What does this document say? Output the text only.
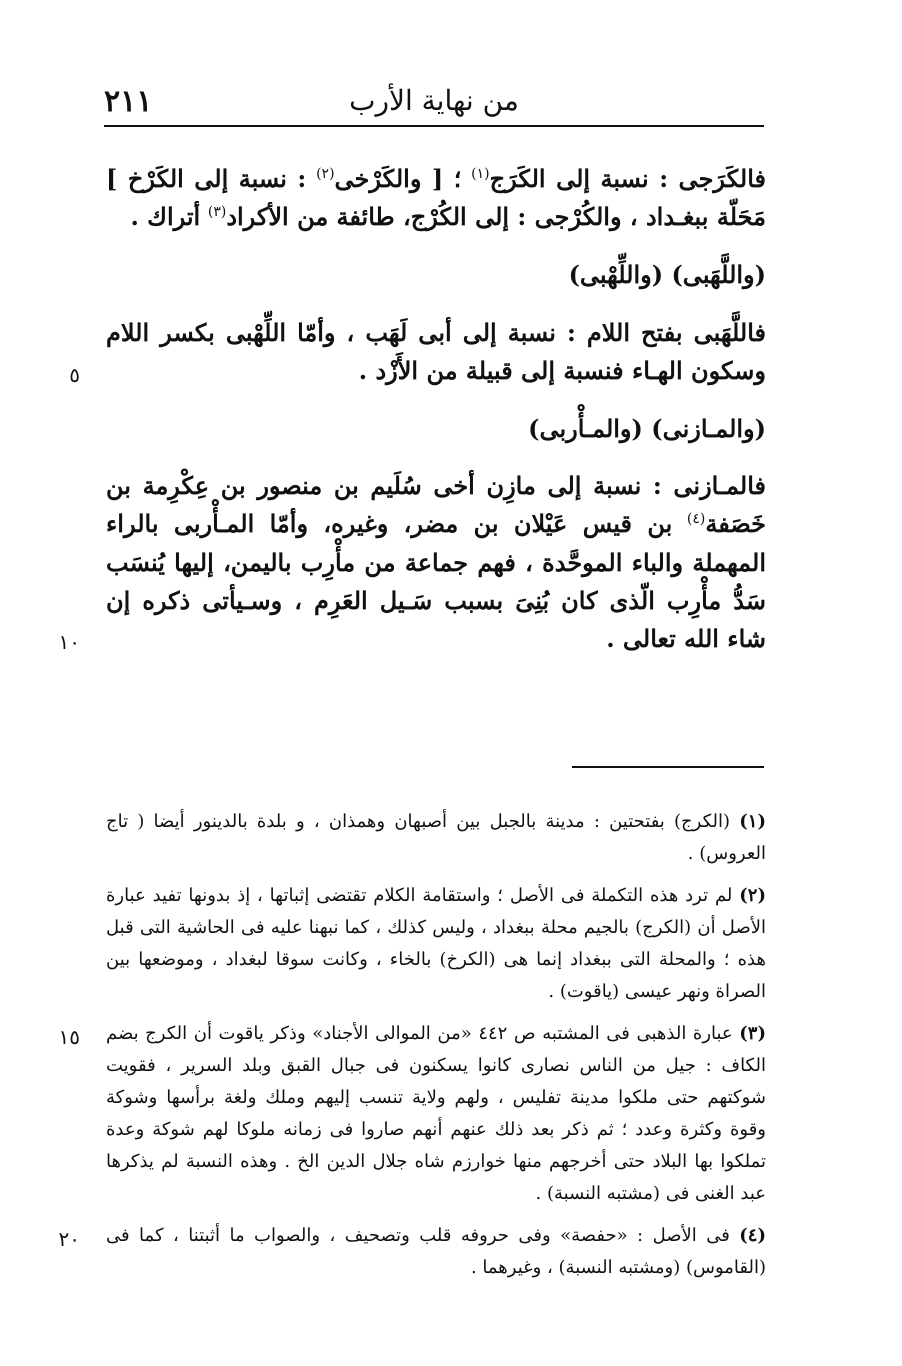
٢١١	من نهاية الأرب

فالكَرَجى : نسبة إلى الكَرَج$^{(١)}$ ؛ [ والكَرْخى$^{(٢)}$ : نسبة إلى الكَرْخ ] مَحَلّة ببغـداد ، والكُرْجى : إلى الكُرْج، طائفة من الأكراد$^{(٣)}$ أتراك .

(واللَّهَبى) (واللِّهْبى)

٥
فاللَّهَبى بفتح اللام : نسبة إلى أبى لَهَب ، وأمّا اللِّهْبى بكسر اللام وسكون الهـاء فنسبة إلى قبيلة من الأَزْد .

(والمـازنى) (والمـأْربى)

١٠
فالمـازنى : نسبة إلى مازِن أخى سُلَيم بن منصور بن عِكْرِمة بن خَصَفة$^{(٤)}$ بن قيس عَيْلان بن مضر، وغيره، وأمّا المـأْربى بالراء المهملة والباء الموحَّدة ، فهم جماعة من مأْرِب باليمن، إليها يُنسَب سَدُّ مأْرِب الّذى كان بُنِىَ بسبب سَـيل العَرِم ، وسـيأتى ذكره إن شاء الله تعالى .

(١) (الكرج) بفتحتين : مدينة بالجبل بين أصبهان وهمذان ، و بلدة بالدينور أيضا ( تاج العروس) .

(٢) لم ترد هذه التكملة فى الأصل ؛ واستقامة الكلام تقتضى إثباتها ، إذ بدونها تفيد عبارة الأصل أن (الكرج) بالجيم محلة ببغداد ، وليس كذلك ، كما نبهنا عليه فى الحاشية التى قبل هذه ؛ والمحلة التى ببغداد إنما هى (الكرخ) بالخاء ، وكانت سوقا لبغداد ، وموضعها بين الصراة ونهر عيسى (ياقوت) .

١٥	(٣) عبارة الذهبى فى المشتبه ص ٤٤٢ «من الموالى الأجناد» وذكر ياقوت أن الكرج بضم الكاف : جيل من الناس نصارى كانوا يسكنون فى جبال القبق وبلد السرير ، فقويت شوكتهم حتى ملكوا مدينة تفليس ، ولهم ولاية تنسب إليهم وملك ولغة برأسها وشوكة وقوة وكثرة وعدد ؛ ثم ذكر بعد ذلك عنهم أنهم صاروا فى زمانه ملوكا لهم شوكة وعدة تملكوا بها البلاد حتى أخرجهم منها خوارزم شاه جلال الدين الخ . وهذه النسبة لم يذكرها عبد الغنى فى (مشتبه النسبة) .

٢٠	(٤) فى الأصل : «حفصة» وفى حروفه قلب وتصحيف ، والصواب ما أثبتنا ، كما فى (القاموس) (ومشتبه النسبة) ، وغيرهما .
